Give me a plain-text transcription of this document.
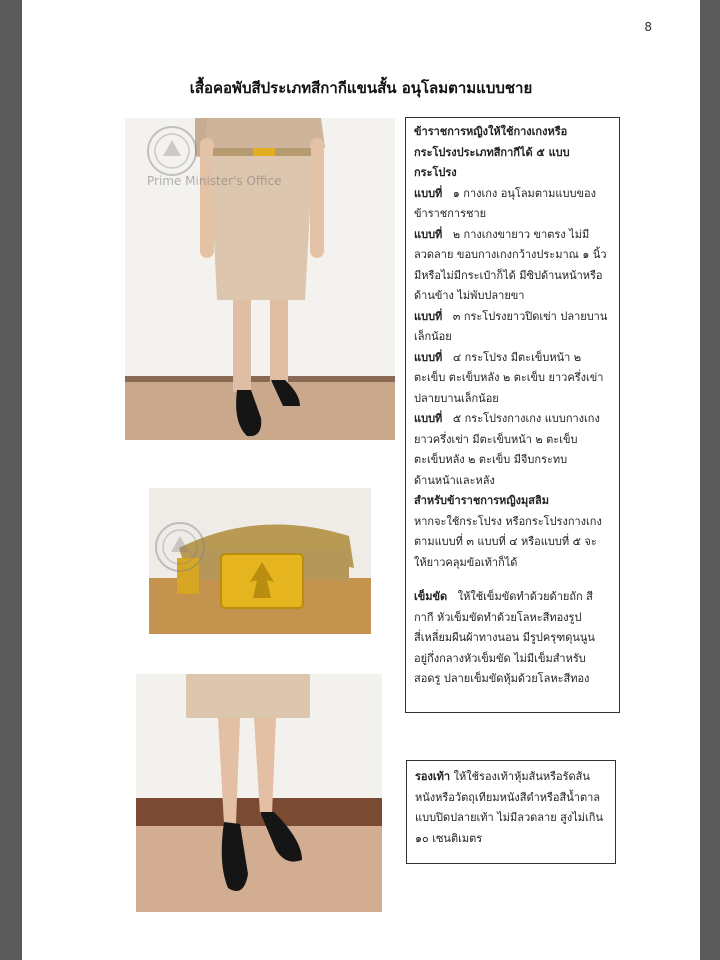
8
เสื้อคอพับสีประเภทสีกากีแขนสั้น อนุโลมตามแบบชาย
Prime Minister's Office

ข้าราชการหญิงให้ใช้กางเกงหรือ

กระโปรงประเภทสีกากีได้ ๕ แบบ

กระโปรง

แบบที่ ๑ กางเกง อนุโลมตามแบบของ

ข้าราชการชาย

แบบที่ ๒ กางเกงขายาว ขาตรง ไม่มี

ลวดลาย ขอบกางเกงกว้างประมาณ ๑ นิ้ว

มีหรือไม่มีกระเป๋าก็ได้ มีซิปด้านหน้าหรือ

ด้านข้าง ไม่พับปลายขา

แบบที่ ๓ กระโปรงยาวปิดเข่า ปลายบาน

เล็กน้อย

แบบที่ ๔ กระโปรง มีตะเข็บหน้า ๒

ตะเข็บ ตะเข็บหลัง ๒ ตะเข็บ ยาวครึ่งเข่า

ปลายบานเล็กน้อย

แบบที่ ๕ กระโปรงกางเกง แบบกางเกง

ยาวครึ่งเข่า มีตะเข็บหน้า ๒ ตะเข็บ

ตะเข็บหลัง ๒ ตะเข็บ มีจีบกระทบ

ด้านหน้าและหลัง

สำหรับข้าราชการหญิงมุสลิม

หากจะใช้กระโปรง หรือกระโปรงกางเกง

ตามแบบที่ ๓ แบบที่ ๔ หรือแบบที่ ๕ จะ

ให้ยาวคลุมข้อเท้าก็ได้

เข็มขัด ให้ใช้เข็มขัดทำด้วยด้ายถัก สี

กากี หัวเข็มขัดทำด้วยโลหะสีทองรูป

สี่เหลี่ยมผืนผ้าทางนอน มีรูปครุฑดุนนูน

อยู่กึ่งกลางหัวเข็มขัด ไม่มีเข็มสำหรับ

สอดรู ปลายเข็มขัดหุ้มด้วยโลหะสีทอง

รองเท้า ให้ใช้รองเท้าหุ้มส้นหรือรัดส้น

หนังหรือวัตถุเทียมหนังสีดำหรือสีน้ำตาล

แบบปิดปลายเท้า ไม่มีลวดลาย สูงไม่เกิน

๑๐ เซนติเมตร
